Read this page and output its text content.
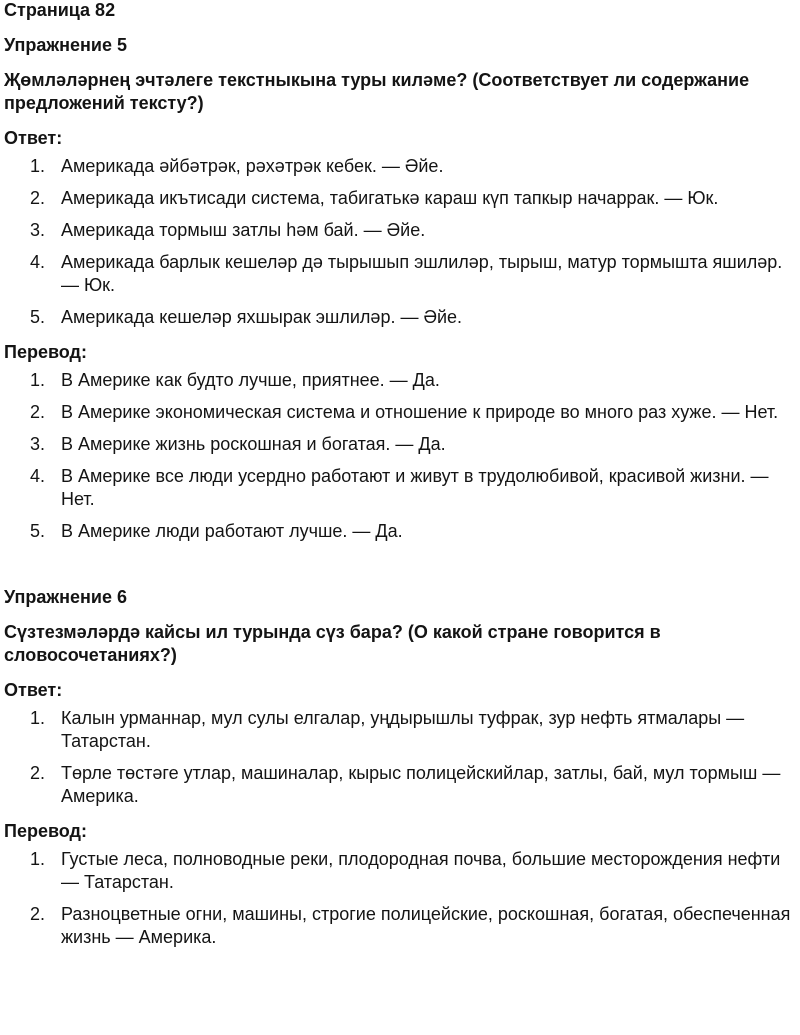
Страница 82

Упражнение 5

Җөмләләрнең эчтәлеге текстныкына туры киләме? (Соответствует ли содержание предложений тексту?)

Ответ:

1. Америкада әйбәтрәк, рәхәтрәк кебек. — Әйе.
2. Америкада икътисади система, табигатькә караш күп тапкыр начаррак. — Юк.
3. Америкада тормыш затлы һәм бай. — Әйе.
4. Америкада барлык кешеләр дә тырышып эшлиләр, тырыш, матур тормышта яшиләр. — Юк.
5. Америкада кешеләр яхшырак эшлиләр. — Әйе.

Перевод:

1. В Америке как будто лучше, приятнее. — Да.
2. В Америке экономическая система и отношение к природе во много раз хуже. — Нет.
3. В Америке жизнь роскошная и богатая. — Да.
4. В Америке все люди усердно работают и живут в трудолюбивой, красивой жизни. — Нет.
5. В Америке люди работают лучше. — Да.

Упражнение 6

Сүзтезмәләрдә кайсы ил турында сүз бара? (О какой стране говорится в словосочетаниях?)

Ответ:

1. Калын урманнар, мул сулы елгалар, уңдырышлы туфрак, зур нефть ятмалары — Татарстан.
2. Төрле төстәге утлар, машиналар, кырыс полицейскийлар, затлы, бай, мул тормыш — Америка.

Перевод:

1. Густые леса, полноводные реки, плодородная почва, большие месторождения нефти — Татарстан.
2. Разноцветные огни, машины, строгие полицейские, роскошная, богатая, обеспеченная жизнь — Америка.
